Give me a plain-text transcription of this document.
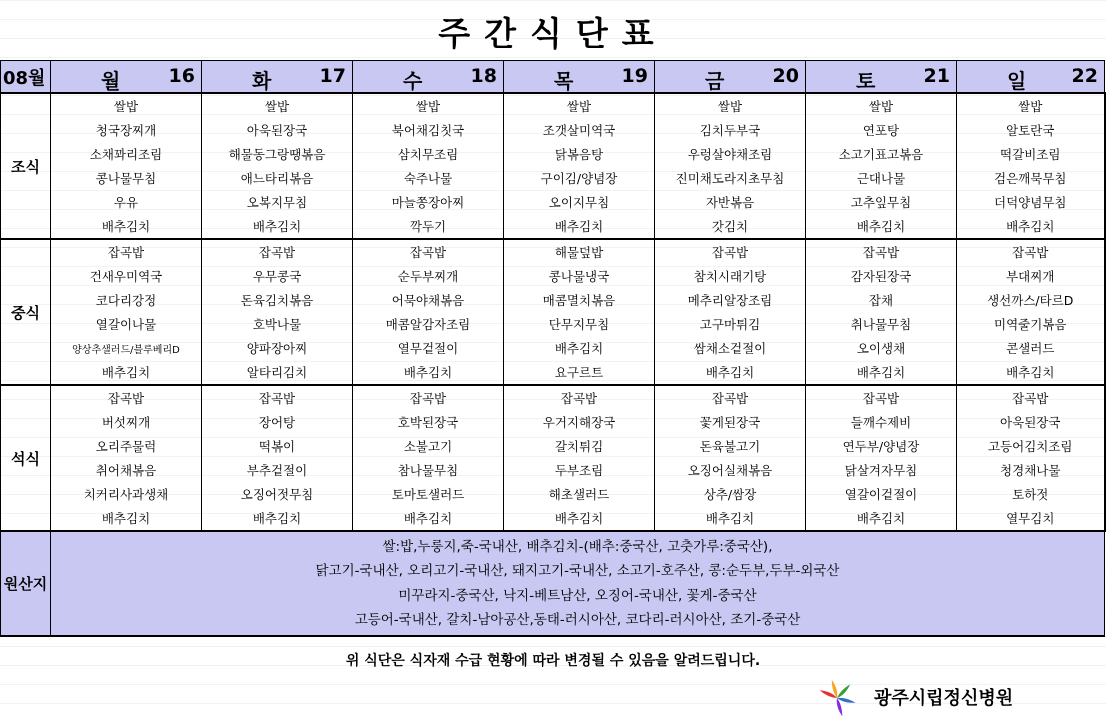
주간식단표
08월	월 16	화 17	수 18	목 19	금 20	토 21	일 22

조식	쌀밥	쌀밥	쌀밥	쌀밥	쌀밥	쌀밥	쌀밥
	청국장찌개	아욱된장국	북어채김칫국	조갯살미역국	김치두부국	연포탕	알토란국
	소채꽈리조림	해물동그랑땡볶음	삼치무조림	닭볶음탕	우렁살야채조림	소고기표고볶음	떡갈비조림
	콩나물무침	애느타리볶음	숙주나물	구이김/양념장	진미채도라지초무침	근대나물	검은깨묵무침
	우유	오복지무침	마늘쫑장아찌	오이지무침	자반볶음	고추잎무침	더덕양념무침
	배추김치	배추김치	깍두기	배추김치	갓김치	배추김치	배추김치
중식	잡곡밥	잡곡밥	잡곡밥	해물덮밥	잡곡밥	잡곡밥	잡곡밥
	건새우미역국	우무콩국	순두부찌개	콩나물냉국	참치시래기탕	감자된장국	부대찌개
	코다리강정	돈육김치볶음	어묵야채볶음	매콤멸치볶음	메추리알장조림	잡채	생선까스/타르D
	열갈이나물	호박나물	매콤알감자조림	단무지무침	고구마튀김	취나물무침	미역줄기볶음
	양상추샐러드/블루베리D	양파장아찌	열무겉절이	배추김치	쌈채소겉절이	오이생채	콘샐러드
	배추김치	알타리김치	배추김치	요구르트	배추김치	배추김치	배추김치
석식	잡곡밥	잡곡밥	잡곡밥	잡곡밥	잡곡밥	잡곡밥	잡곡밥
	버섯찌개	장어탕	호박된장국	우거지해장국	꽃게된장국	들깨수제비	아욱된장국
	오리주물럭	떡볶이	소불고기	갈치튀김	돈육불고기	연두부/양념장	고등어김치조림
	취어채볶음	부추겉절이	참나물무침	두부조림	오징어실채볶음	닭살겨자무침	청경채나물
	치커리사과생채	오징어젓무침	토마토샐러드	해초샐러드	상추/쌈장	열갈이겉절이	토하젓
	배추김치	배추김치	배추김치	배추김치	배추김치	배추김치	열무김치
원산지	쌀:밥,누룽지,죽-국내산, 배추김치-(배추:중국산, 고춧가루:중국산),
닭고기-국내산, 오리고기-국내산, 돼지고기-국내산, 소고기-호주산, 콩:순두부,두부-외국산
미꾸라지-중국산, 낙지-베트남산, 오징어-국내산, 꽃게-중국산
고등어-국내산, 갈치-남아공산,동태-러시아산, 코다리-러시아산, 조기-중국산						
위 식단은 식자재 수급 현황에 따라 변경될 수 있음을 알려드립니다.
광주시립정신병원
